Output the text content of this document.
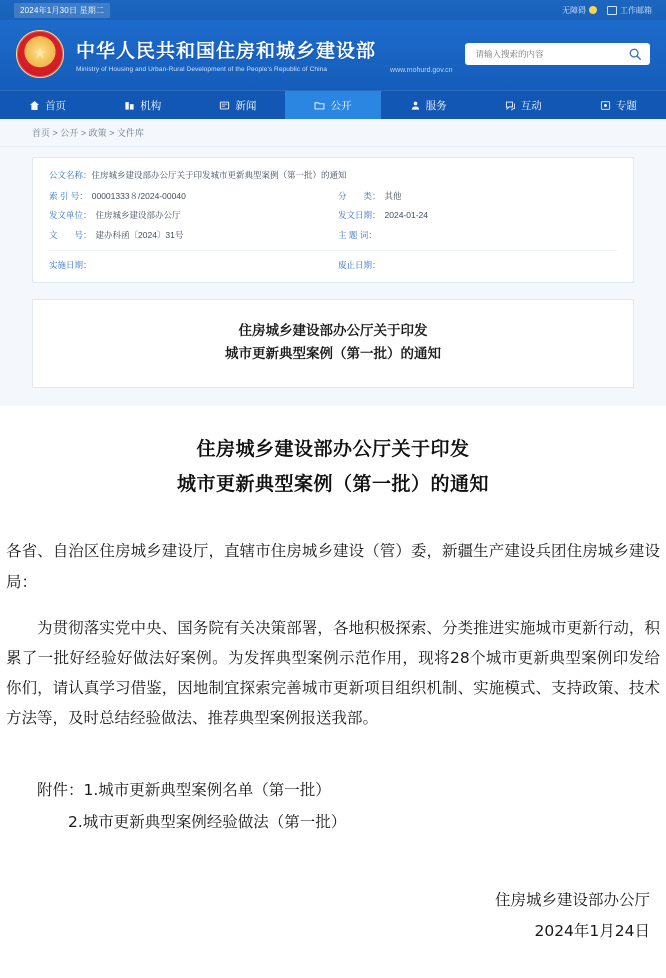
2024年1月30日 星期二	无障碍	工作邮箱
★
中华人民共和国住房和城乡建设部
Ministry of Housing and Urban-Rural Development of the People's Republic of China	www.mohurd.gov.cn
请输入搜索的内容
首页	机构	新闻	公开	服务	互动	专题
首页 > 公开 > 政策 > 文件库
公文名称：住房城乡建设部办公厅关于印发城市更新典型案例（第一批）的通知
索 引 号： 00001333８/2024-00040	分　　类： 其他
发文单位： 住房城乡建设部办公厅	发文日期： 2024-01-24
文　　号： 建办科函〔2024〕31号	主 题 词：
实施日期：	废止日期：
住房城乡建设部办公厅关于印发
城市更新典型案例（第一批）的通知
住房城乡建设部办公厅关于印发
城市更新典型案例（第一批）的通知

各省、自治区住房城乡建设厅，直辖市住房城乡建设（管）委，新疆生产建设兵团住房城乡建设局：

为贯彻落实党中央、国务院有关决策部署，各地积极探索、分类推进实施城市更新行动，积累了一批好经验好做法好案例。为发挥典型案例示范作用，现将28个城市更新典型案例印发给你们，请认真学习借鉴，因地制宜探索完善城市更新项目组织机制、实施模式、支持政策、技术方法等，及时总结经验做法、推荐典型案例报送我部。

附件：1.城市更新典型案例名单（第一批）
2.城市更新典型案例经验做法（第一批）
住房城乡建设部办公厅
2024年1月24日
